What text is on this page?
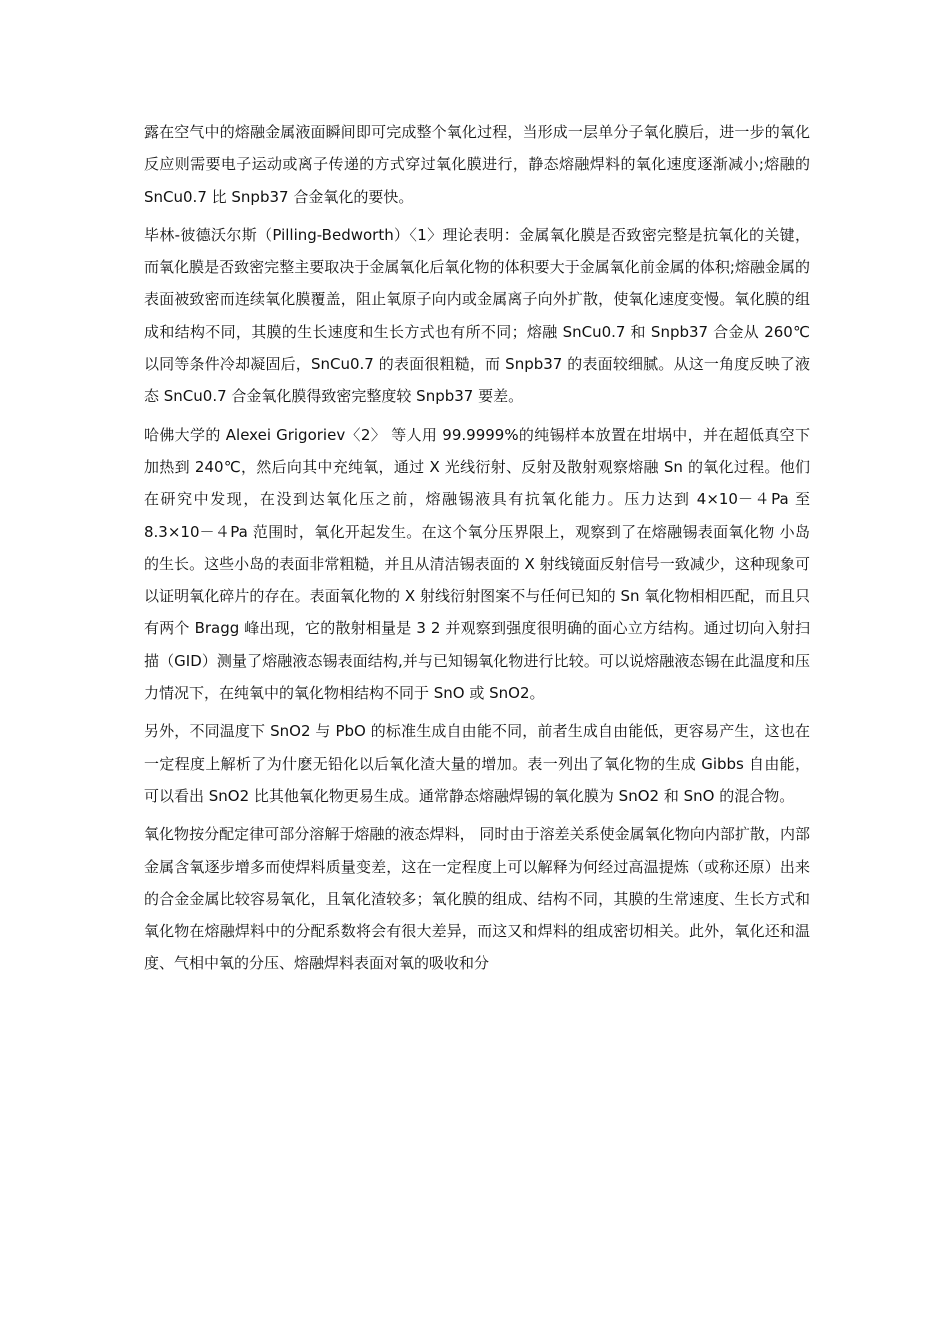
露在空气中的熔融金属液面瞬间即可完成整个氧化过程，当形成一层单分子氧化膜后，进一步的氧化反应则需要电子运动或离子传递的方式穿过氧化膜进行，静态熔融焊料的氧化速度逐渐减小;熔融的 SnCu0.7 比 Snpb37 合金氧化的要快。

毕林-彼德沃尔斯（Pilling-Bedworth）〈1〉理论表明：金属氧化膜是否致密完整是抗氧化的关键，而氧化膜是否致密完整主要取决于金属氧化后氧化物的体积要大于金属氧化前金属的体积;熔融金属的表面被致密而连续氧化膜覆盖，阻止氧原子向内或金属离子向外扩散，使氧化速度变慢。氧化膜的组成和结构不同，其膜的生长速度和生长方式也有所不同；熔融 SnCu0.7 和 Snpb37 合金从 260℃以同等条件冷却凝固后，SnCu0.7 的表面很粗糙，而 Snpb37 的表面较细腻。从这一角度反映了液态 SnCu0.7 合金氧化膜得致密完整度较 Snpb37 要差。

哈佛大学的 Alexei Grigoriev〈2〉 等人用 99.9999%的纯锡样本放置在坩埚中，并在超低真空下加热到 240℃，然后向其中充纯氧，通过 X 光线衍射、反射及散射观察熔融 Sn 的氧化过程。他们在研究中发现，在没到达氧化压之前，熔融锡液具有抗氧化能力。压力达到 4×10－４Pa 至 8.3×10－４Pa 范围时，氧化开起发生。在这个氧分压界限上，观察到了在熔融锡表面氧化物 小岛 的生长。这些小岛的表面非常粗糙，并且从清洁锡表面的 X 射线镜面反射信号一致减少，这种现象可以证明氧化碎片的存在。表面氧化物的 X 射线衍射图案不与任何已知的 Sn 氧化物相相匹配，而且只有两个 Bragg 峰出现，它的散射相量是 3 2 并观察到强度很明确的面心立方结构。通过切向入射扫描（GID）测量了熔融液态锡表面结构,并与已知锡氧化物进行比较。可以说熔融液态锡在此温度和压力情况下，在纯氧中的氧化物相结构不同于 SnO 或 SnO2。

另外，不同温度下 SnO2 与 PbO 的标准生成自由能不同，前者生成自由能低，更容易产生，这也在一定程度上解析了为什麽无铅化以后氧化渣大量的增加。表一列出了氧化物的生成 Gibbs 自由能，可以看出 SnO2 比其他氧化物更易生成。通常静态熔融焊锡的氧化膜为 SnO2 和 SnO 的混合物。

氧化物按分配定律可部分溶解于熔融的液态焊料， 同时由于溶差关系使金属氧化物向内部扩散，内部金属含氧逐步增多而使焊料质量变差，这在一定程度上可以解释为何经过高温提炼（或称还原）出来的合金金属比较容易氧化，且氧化渣较多；氧化膜的组成、结构不同，其膜的生常速度、生长方式和氧化物在熔融焊料中的分配系数将会有很大差异，而这又和焊料的组成密切相关。此外，氧化还和温度、气相中氧的分压、熔融焊料表面对氧的吸收和分
